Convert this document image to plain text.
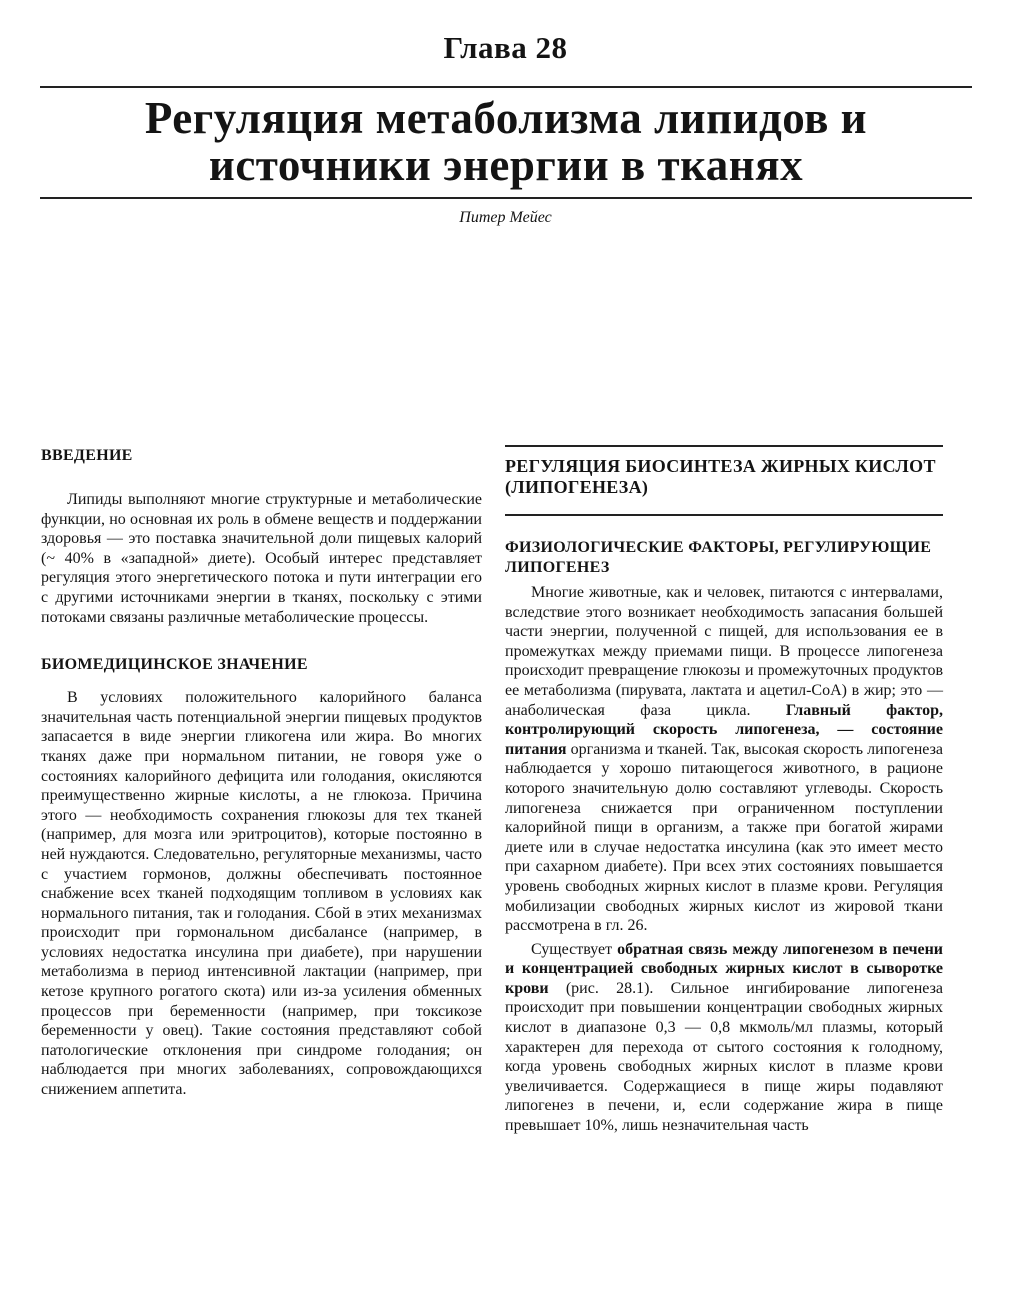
Глава 28
Регуляция метаболизма липидов и источники энергии в тканях
Питер Мейес

ВВЕДЕНИЕ

Липиды выполняют многие структурные и метаболические функции, но основная их роль в обмене веществ и поддержании здоровья — это поставка значительной доли пищевых калорий (~ 40% в «западной» диете). Особый интерес представляет регуляция этого энергетического потока и пути интеграции его с другими источниками энергии в тканях, поскольку с этими потоками связаны различные метаболические процессы.

БИОМЕДИЦИНСКОЕ ЗНАЧЕНИЕ

В условиях положительного калорийного баланса значительная часть потенциальной энергии пищевых продуктов запасается в виде энергии гликогена или жира. Во многих тканях даже при нормальном питании, не говоря уже о состояниях калорийного дефицита или голодания, окисляются преимущественно жирные кислоты, а не глюкоза. Причина этого — необходимость сохранения глюкозы для тех тканей (например, для мозга или эритроцитов), которые постоянно в ней нуждаются. Следовательно, регуляторные механизмы, часто с участием гормонов, должны обеспечивать постоянное снабжение всех тканей подходящим топливом в условиях как нормального питания, так и голодания. Сбой в этих механизмах происходит при гормональном дисбалансе (например, в условиях недостатка инсулина при диабете), при нарушении метаболизма в период интенсивной лактации (например, при кетозе крупного рогатого скота) или из-за усиления обменных процессов при беременности (например, при токсикозе беременности у овец). Такие состояния представляют собой патологические отклонения при синдроме голодания; он наблюдается при многих заболеваниях, сопровождающихся снижением аппетита.

РЕГУЛЯЦИЯ БИОСИНТЕЗА ЖИРНЫХ КИСЛОТ (ЛИПОГЕНЕЗА)

ФИЗИОЛОГИЧЕСКИЕ ФАКТОРЫ, РЕГУЛИРУЮЩИЕ ЛИПОГЕНЕЗ

Многие животные, как и человек, питаются с интервалами, вследствие этого возникает необходимость запасания большей части энергии, полученной с пищей, для использования ее в промежутках между приемами пищи. В процессе липогенеза происходит превращение глюкозы и промежуточных продуктов ее метаболизма (пирувата, лактата и ацетил-CoA) в жир; это — анаболическая фаза цикла. Главный фактор, контролирующий скорость липогенеза, — состояние питания организма и тканей. Так, высокая скорость липогенеза наблюдается у хорошо питающегося животного, в рационе которого значительную долю составляют углеводы. Скорость липогенеза снижается при ограниченном поступлении калорийной пищи в организм, а также при богатой жирами диете или в случае недостатка инсулина (как это имеет место при сахарном диабете). При всех этих состояниях повышается уровень свободных жирных кислот в плазме крови. Регуляция мобилизации свободных жирных кислот из жировой ткани рассмотрена в гл. 26.

Существует обратная связь между липогенезом в печени и концентрацией свободных жирных кислот в сыворотке крови (рис. 28.1). Сильное ингибирование липогенеза происходит при повышении концентрации свободных жирных кислот в диапазоне 0,3 — 0,8 мкмоль/мл плазмы, который характерен для перехода от сытого состояния к голодному, когда уровень свободных жирных кислот в плазме крови увеличивается. Содержащиеся в пище жиры подавляют липогенез в печени, и, если содержание жира в пище превышает 10%, лишь незначительная часть
